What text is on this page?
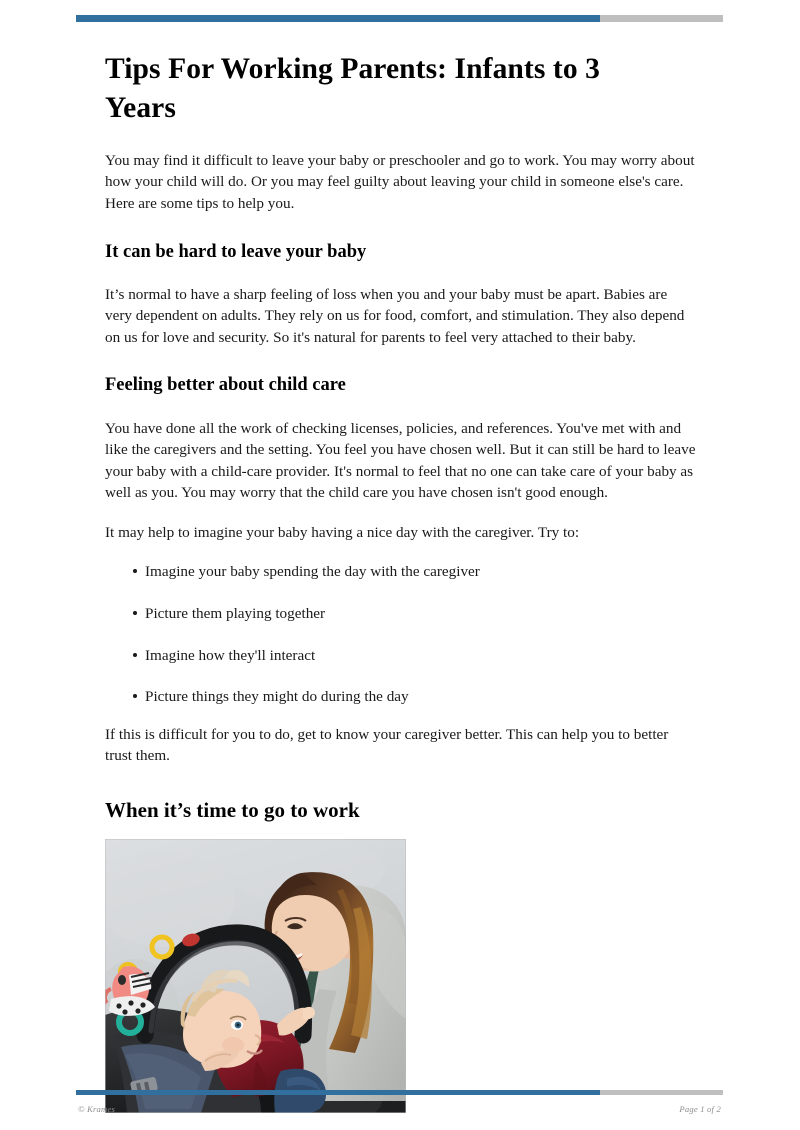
Tips For Working Parents: Infants to 3 Years

You may find it difficult to leave your baby or preschooler and go to work. You may worry about how your child will do. Or you may feel guilty about leaving your child in someone else's care. Here are some tips to help you.

It can be hard to leave your baby

It’s normal to have a sharp feeling of loss when you and your baby must be apart. Babies are very dependent on adults. They rely on us for food, comfort, and stimulation. They also depend on us for love and security. So it's natural for parents to feel very attached to their baby.

Feeling better about child care

You have done all the work of checking licenses, policies, and references. You've met with and like the caregivers and the setting. You feel you have chosen well. But it can still be hard to leave your baby with a child-care provider. It's normal to feel that no one can take care of your baby as well as you. You may worry that the child care you have chosen isn't good enough.

It may help to imagine your baby having a nice day with the caregiver. Try to:

Imagine your baby spending the day with the caregiver
Picture them playing together
Imagine how they'll interact
Picture things they might do during the day

If this is difficult for you to do, get to know your caregiver better. This can help you to better trust them.

When it’s time to go to work
© Krames	Page 1 of 2
